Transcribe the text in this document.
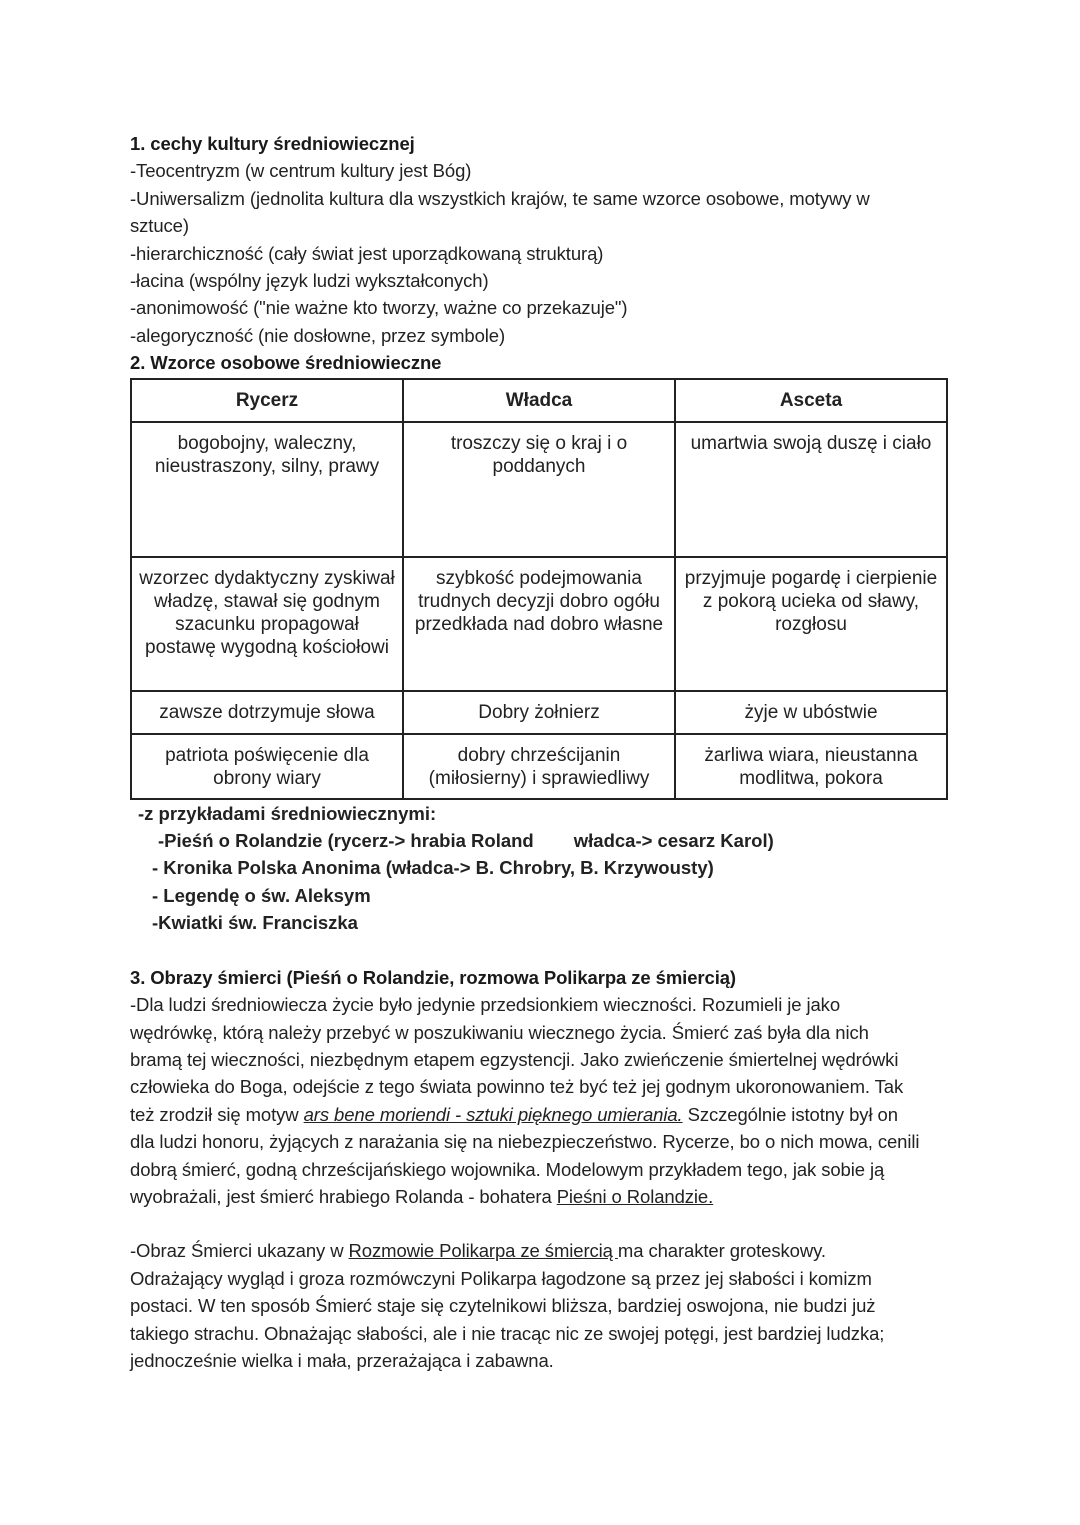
1. cechy kultury średniowiecznej
-Teocentryzm (w centrum kultury jest Bóg)
-Uniwersalizm (jednolita kultura dla wszystkich krajów, te same wzorce osobowe, motywy w
sztuce)
-hierarchiczność (cały świat jest uporządkowaną strukturą)
-łacina (wspólny język ludzi wykształconych)
-anonimowość ("nie ważne kto tworzy, ważne co przekazuje")
-alegoryczność (nie dosłowne, przez symbole)
2. Wzorce osobowe średniowieczne
Rycerz	Władca	Asceta
bogobojny, waleczny, nieustraszony, silny, prawy	troszczy się o kraj i o poddanych	umartwia swoją duszę i ciało
wzorzec dydaktyczny zyskiwał władzę, stawał się godnym szacunku propagował postawę wygodną kościołowi	szybkość podejmowania trudnych decyzji dobro ogółu przedkłada nad dobro własne	przyjmuje pogardę i cierpienie z pokorą ucieka od sławy, rozgłosu
zawsze dotrzymuje słowa	Dobry żołnierz	żyje w ubóstwie
patriota poświęcenie dla obrony wiary	dobry chrześcijanin (miłosierny) i sprawiedliwy	żarliwa wiara, nieustanna modlitwa, pokora
-z przykładami średniowiecznymi:
-Pieśń o Rolandzie (rycerz-> hrabia Roland władca-> cesarz Karol)
- Kronika Polska Anonima (władca-> B. Chrobry, B. Krzywousty)
- Legendę o św. Aleksym
-Kwiatki św. Franciszka
3. Obrazy śmierci (Pieśń o Rolandzie, rozmowa Polikarpa ze śmiercią)
-Dla ludzi średniowiecza życie było jedynie przedsionkiem wieczności. Rozumieli je jako
wędrówkę, którą należy przebyć w poszukiwaniu wiecznego życia. Śmierć zaś była dla nich
bramą tej wieczności, niezbędnym etapem egzystencji. Jako zwieńczenie śmiertelnej wędrówki
człowieka do Boga, odejście z tego świata powinno też być też jej godnym ukoronowaniem. Tak
też zrodził się motyw ars bene moriendi - sztuki pięknego umierania. Szczególnie istotny był on
dla ludzi honoru, żyjących z narażania się na niebezpieczeństwo. Rycerze, bo o nich mowa, cenili
dobrą śmierć, godną chrześcijańskiego wojownika. Modelowym przykładem tego, jak sobie ją
wyobrażali, jest śmierć hrabiego Rolanda - bohatera Pieśni o Rolandzie.
-Obraz Śmierci ukazany w Rozmowie Polikarpa ze śmiercią ma charakter groteskowy.
Odrażający wygląd i groza rozmówczyni Polikarpa łagodzone są przez jej słabości i komizm
postaci. W ten sposób Śmierć staje się czytelnikowi bliższa, bardziej oswojona, nie budzi już
takiego strachu. Obnażając słabości, ale i nie tracąc nic ze swojej potęgi, jest bardziej ludzka;
jednocześnie wielka i mała, przerażająca i zabawna.
